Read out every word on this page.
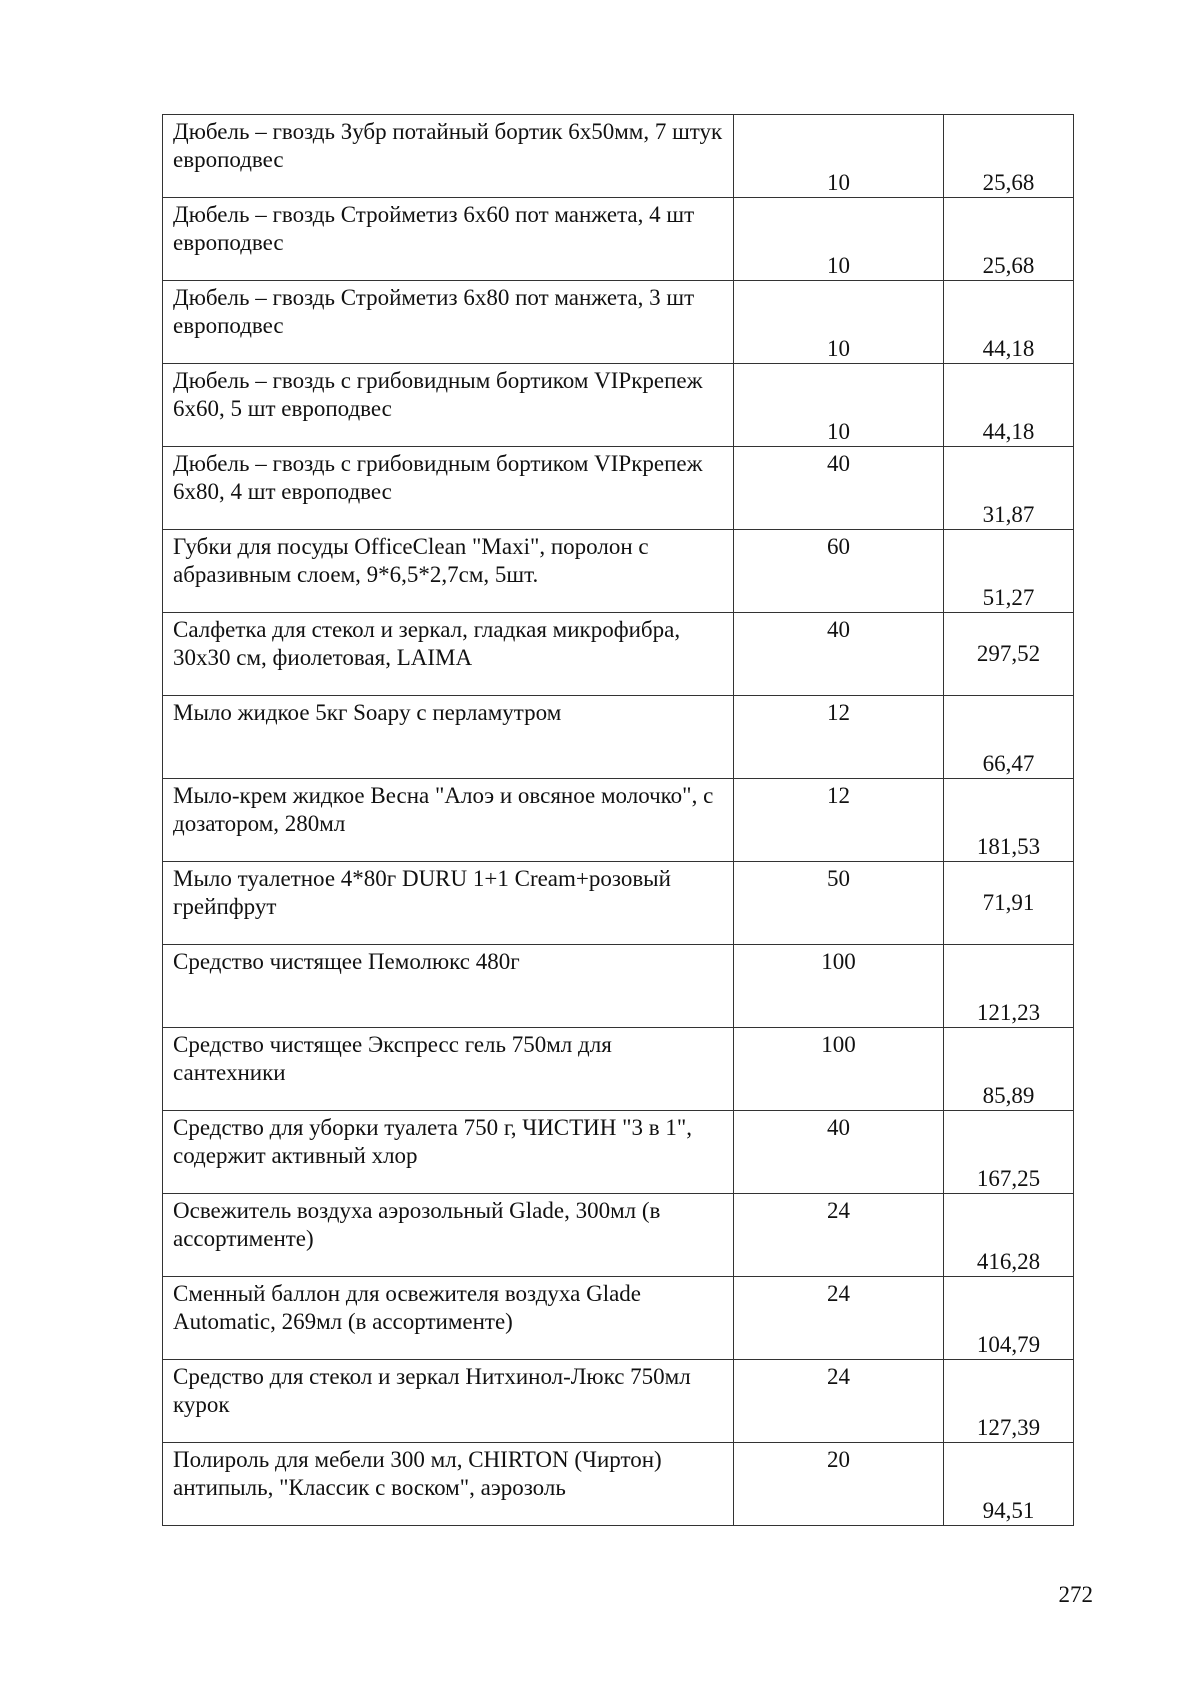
Дюбель – гвоздь Зубр потайный бортик 6х50мм, 7 штук европодвес	10	25,68

Дюбель – гвоздь Стройметиз 6х60 пот манжета, 4 шт европодвес	10	25,68

Дюбель – гвоздь Стройметиз 6х80 пот манжета, 3 шт европодвес	10	44,18

Дюбель – гвоздь с грибовидным бортиком VIPкрепеж 6х60, 5 шт европодвес	10	44,18

Дюбель – гвоздь с грибовидным бортиком VIPкрепеж 6х80, 4 шт европодвес	40	31,87

Губки для посуды OfficeClean "Maxi", поролон с абразивным слоем, 9*6,5*2,7см, 5шт.	60	51,27

Салфетка для стекол и зеркал, гладкая микрофибра, 30х30 см, фиолетовая, LAIMA	40	297,52

Мыло жидкое 5кг Soapy с перламутром	12	66,47

Мыло-крем жидкое Весна "Алоэ и овсяное молочко", с дозатором, 280мл	12	181,53

Мыло туалетное 4*80г DURU 1+1 Cream+розовый грейпфрут	50	71,91

Средство чистящее Пемолюкс 480г	100	121,23

Средство чистящее Экспресс гель 750мл для сантехники	100	85,89

Средство для уборки туалета 750 г, ЧИСТИН "3 в 1", содержит активный хлор	40	167,25

Освежитель воздуха аэрозольный Glade, 300мл (в ассортименте)	24	416,28

Сменный баллон для освежителя воздуха Glade Automatic, 269мл (в ассортименте)	24	104,79

Средство для стекол и зеркал Нитхинол-Люкс 750мл курок	24	127,39

Полироль для мебели 300 мл, CHIRTON (Чиртон) антипыль, "Классик с воском", аэрозоль	20	94,51
272
